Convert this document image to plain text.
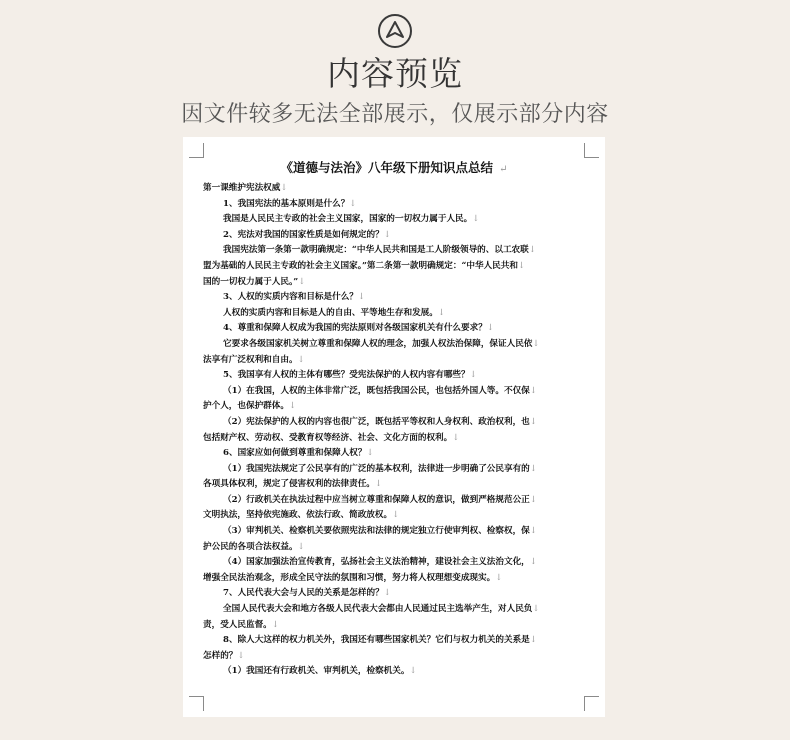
内容预览
因文件较多无法全部展示，仅展示部分内容
《道德与法治》八年级下册知识点总结 ↵
第一课维护宪法权威↓
1、我国宪法的基本原则是什么？↓
我国是人民民主专政的社会主义国家，国家的一切权力属于人民。↓
2、宪法对我国的国家性质是如何规定的？↓
我国宪法第一条第一款明确规定：“中华人民共和国是工人阶级领导的、以工农联↓
盟为基础的人民民主专政的社会主义国家。”第二条第一款明确规定：“中华人民共和↓
国的一切权力属于人民。”↓
3、人权的实质内容和目标是什么？↓
人权的实质内容和目标是人的自由、平等地生存和发展。↓
4、尊重和保障人权成为我国的宪法原则对各级国家机关有什么要求？↓
它要求各级国家机关树立尊重和保障人权的理念，加强人权法治保障，保证人民依↓
法享有广泛权利和自由。↓
5、我国享有人权的主体有哪些？受宪法保护的人权内容有哪些？↓
（1）在我国，人权的主体非常广泛，既包括我国公民，也包括外国人等。不仅保↓
护个人，也保护群体。↓
（2）宪法保护的人权的内容也很广泛，既包括平等权和人身权利、政治权利，也↓
包括财产权、劳动权、受教育权等经济、社会、文化方面的权利。↓
6、国家应如何做到尊重和保障人权？↓
（1）我国宪法规定了公民享有的广泛的基本权利，法律进一步明确了公民享有的↓
各项具体权利，规定了侵害权利的法律责任。↓
（2）行政机关在执法过程中应当树立尊重和保障人权的意识，做到严格规范公正↓
文明执法，坚持依宪施政、依法行政、简政放权。↓
（3）审判机关、检察机关要依照宪法和法律的规定独立行使审判权、检察权，保↓
护公民的各项合法权益。↓
（4）国家加强法治宣传教育，弘扬社会主义法治精神，建设社会主义法治文化，↓
增强全民法治观念，形成全民守法的氛围和习惯，努力将人权理想变成现实。↓
7、人民代表大会与人民的关系是怎样的？↓
全国人民代表大会和地方各级人民代表大会都由人民通过民主选举产生，对人民负↓
责，受人民监督。↓
8、除人大这样的权力机关外，我国还有哪些国家机关？它们与权力机关的关系是↓
怎样的？↓
（1）我国还有行政机关、审判机关，检察机关。↓
